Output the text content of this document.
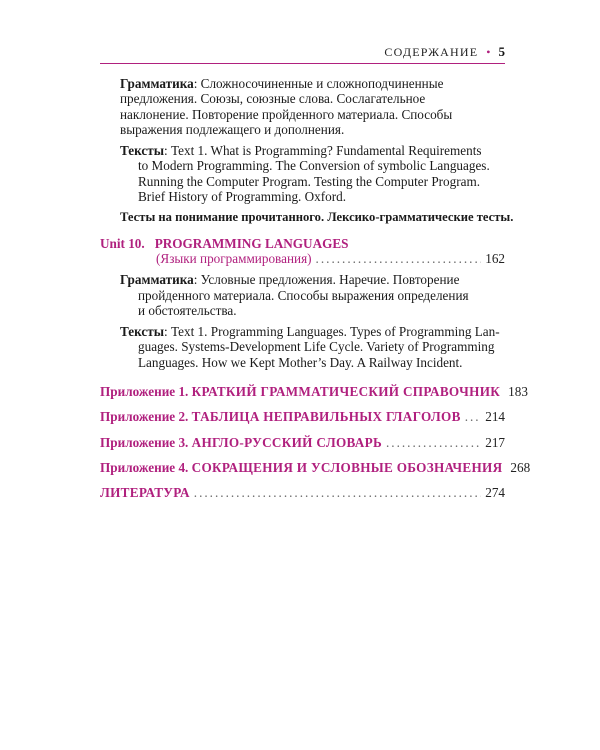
СОДЕРЖАНИЕ • 5
Грамматика: Сложносочиненные и сложноподчиненные
предложения. Союзы, союзные слова. Сослагательное
наклонение. Повторение пройденного материала. Способы
выражения подлежащего и дополнения.
Тексты: Text 1. What is Programming? Fundamental Requirements
to Modern Programming. The Conversion of symbolic Languages.
Running the Computer Program. Testing the Computer Program.
Brief History of Programming. Oxford.
Тесты на понимание прочитанного. Лексико-грамматические тесты.
Unit 10. PROGRAMMING LANGUAGES
(Языки программирования) .....	162
Грамматика: Условные предложения. Наречие. Повторение
пройденного материала. Способы выражения определения
и обстоятельства.
Тексты: Text 1. Programming Languages. Types of Programming Lan-
guages. Systems-Development Life Cycle. Variety of Programming
Languages. How we Kept Mother’s Day. A Railway Incident.
Приложение 1. КРАТКИЙ ГРАММАТИЧЕСКИЙ СПРАВОЧНИК 183
Приложение 2. ТАБЛИЦА НЕПРАВИЛЬНЫХ ГЛАГОЛОВ ..... 214
Приложение 3. АНГЛО-РУССКИЙ СЛОВАРЬ .....	217
Приложение 4. СОКРАЩЕНИЯ И УСЛОВНЫЕ ОБОЗНАЧЕНИЯ 268
ЛИТЕРАТУРА .....	274
